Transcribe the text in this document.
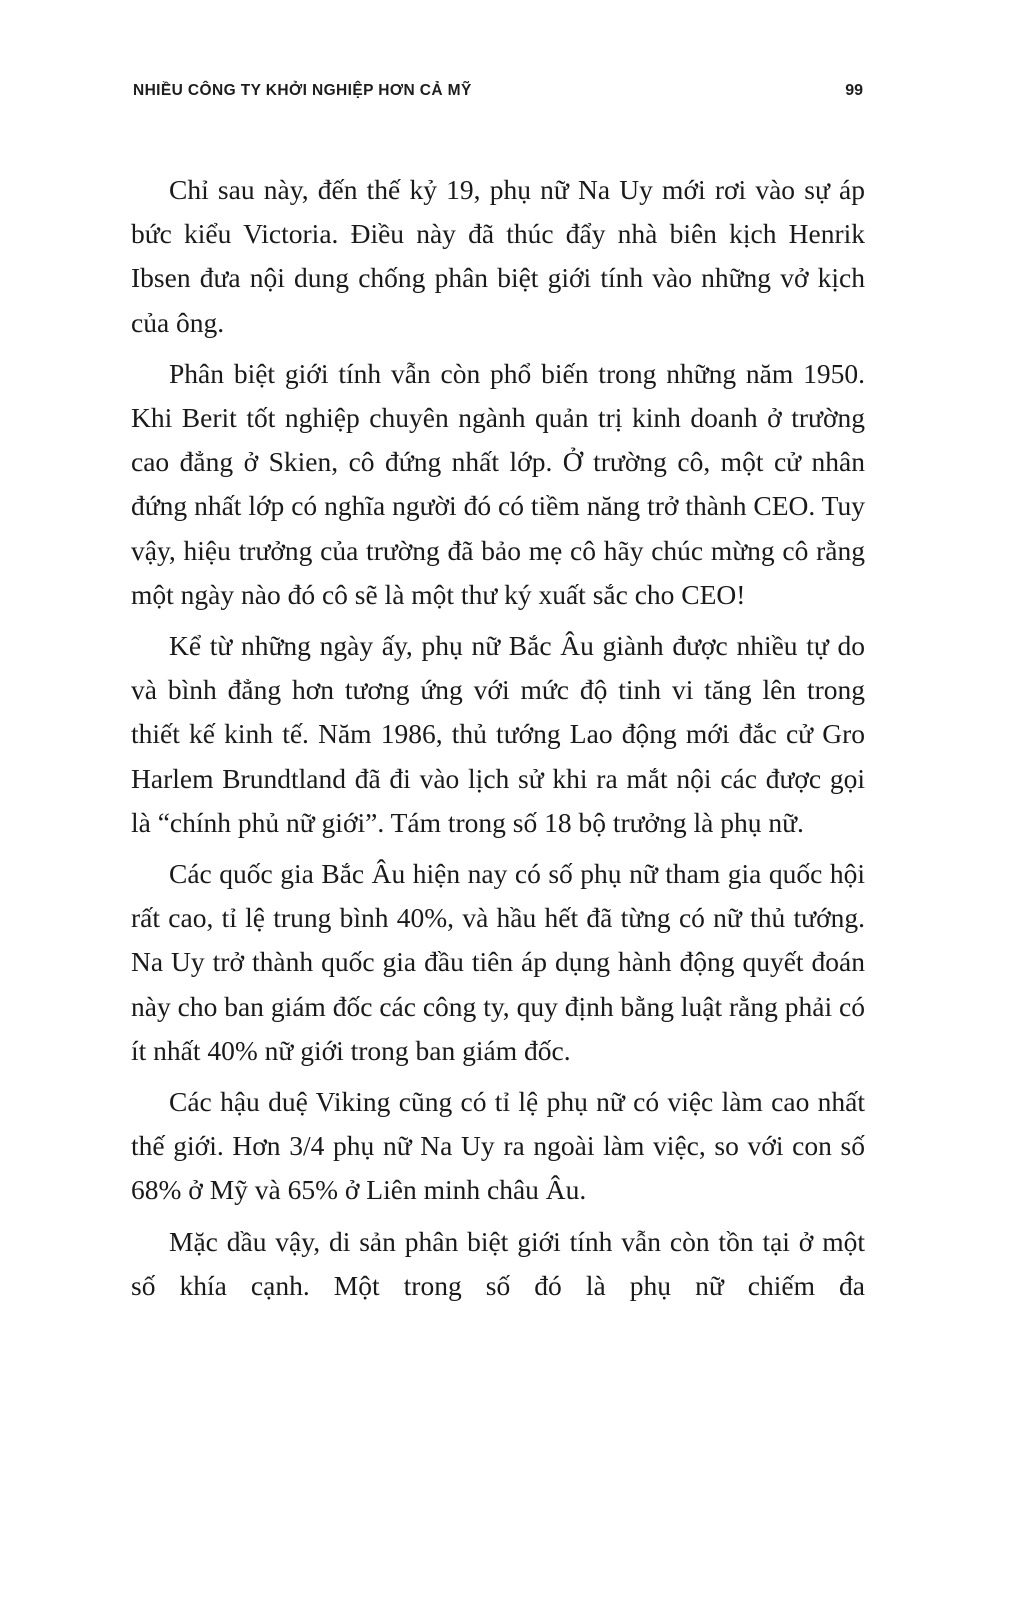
NHIỀU CÔNG TY KHỞI NGHIỆP HƠN CẢ MỸ	99

Chỉ sau này, đến thế kỷ 19, phụ nữ Na Uy mới rơi vào sự áp bức kiểu Victoria. Điều này đã thúc đẩy nhà biên kịch Henrik Ibsen đưa nội dung chống phân biệt giới tính vào những vở kịch của ông.

Phân biệt giới tính vẫn còn phổ biến trong những năm 1950. Khi Berit tốt nghiệp chuyên ngành quản trị kinh doanh ở trường cao đẳng ở Skien, cô đứng nhất lớp. Ở trường cô, một cử nhân đứng nhất lớp có nghĩa người đó có tiềm năng trở thành CEO. Tuy vậy, hiệu trưởng của trường đã bảo mẹ cô hãy chúc mừng cô rằng một ngày nào đó cô sẽ là một thư ký xuất sắc cho CEO!

Kể từ những ngày ấy, phụ nữ Bắc Âu giành được nhiều tự do và bình đẳng hơn tương ứng với mức độ tinh vi tăng lên trong thiết kế kinh tế. Năm 1986, thủ tướng Lao động mới đắc cử Gro Harlem Brundtland đã đi vào lịch sử khi ra mắt nội các được gọi là “chính phủ nữ giới”. Tám trong số 18 bộ trưởng là phụ nữ.

Các quốc gia Bắc Âu hiện nay có số phụ nữ tham gia quốc hội rất cao, tỉ lệ trung bình 40%, và hầu hết đã từng có nữ thủ tướng. Na Uy trở thành quốc gia đầu tiên áp dụng hành động quyết đoán này cho ban giám đốc các công ty, quy định bằng luật rằng phải có ít nhất 40% nữ giới trong ban giám đốc.

Các hậu duệ Viking cũng có tỉ lệ phụ nữ có việc làm cao nhất thế giới. Hơn 3/4 phụ nữ Na Uy ra ngoài làm việc, so với con số 68% ở Mỹ và 65% ở Liên minh châu Âu.

Mặc dầu vậy, di sản phân biệt giới tính vẫn còn tồn tại ở một số khía cạnh. Một trong số đó là phụ nữ chiếm đa
